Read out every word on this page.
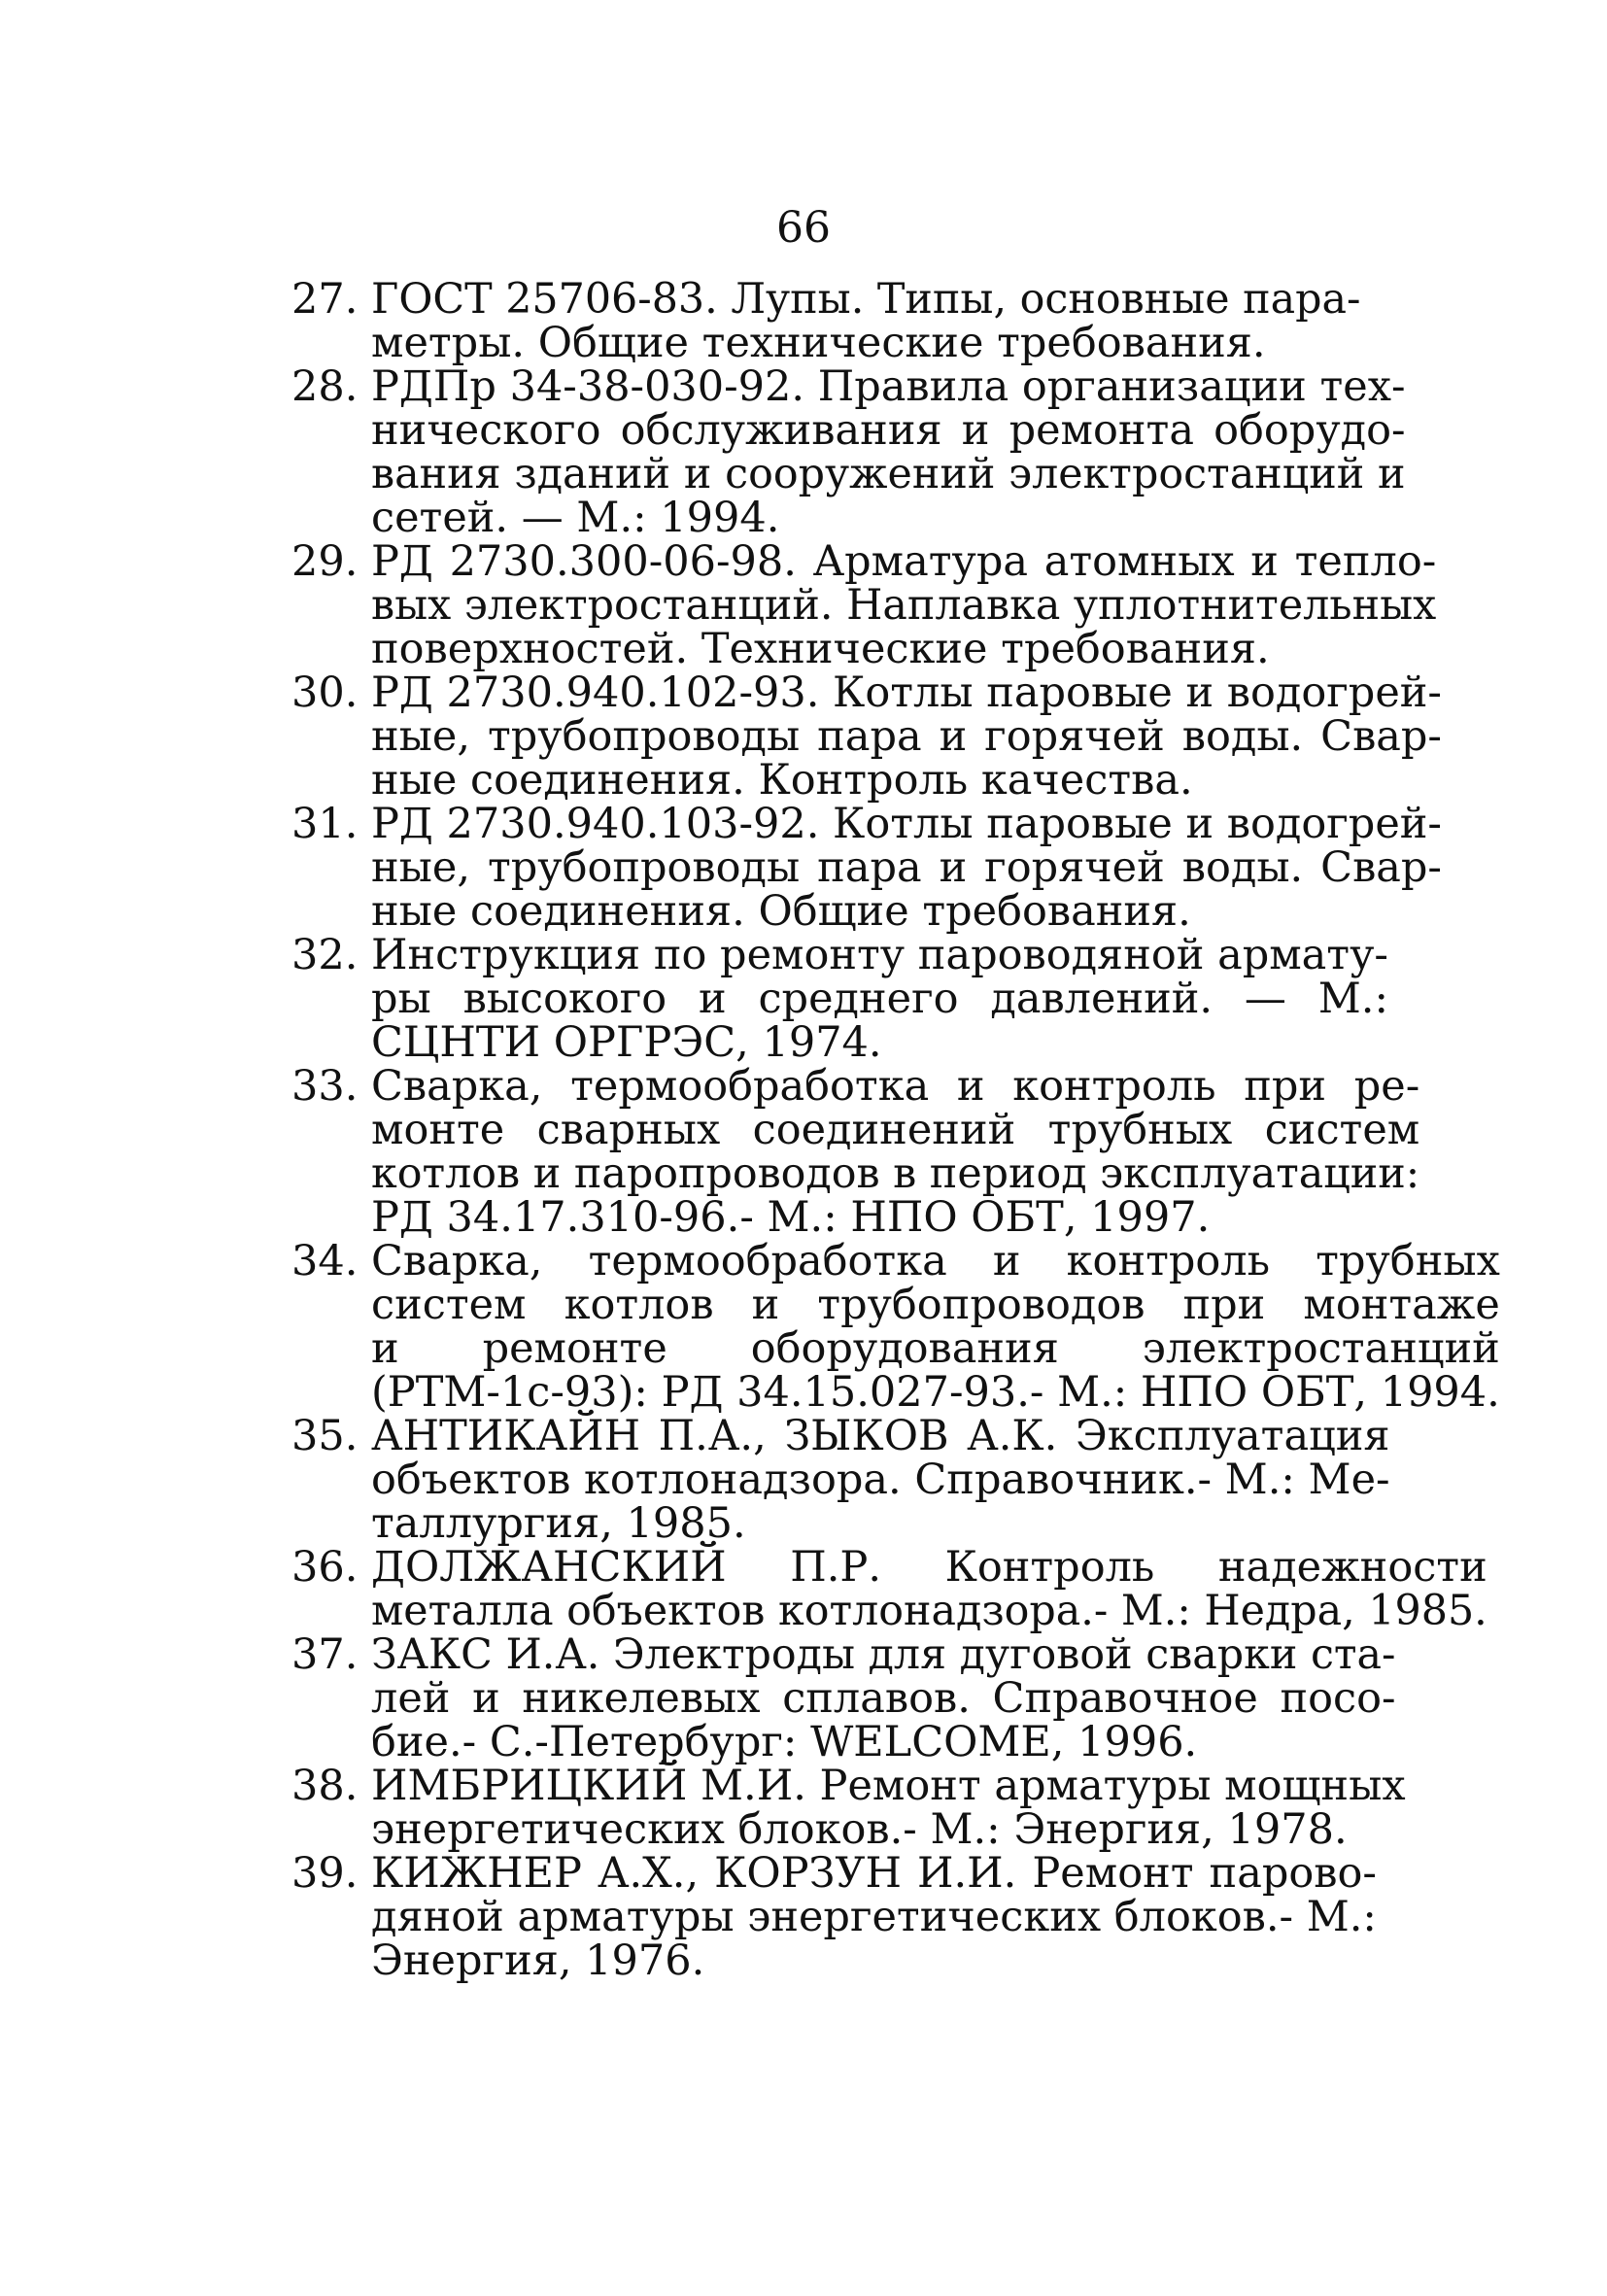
66
27. ГОСТ 25706-83. Лупы. Типы, основные пара-
метры. Общие технические требования.
28. РДПр 34-38-030-92. Правила организации тех-
нического обслуживания и ремонта оборудо-
вания зданий и сооружений электростанций и
сетей. — М.: 1994.
29. РД 2730.300-06-98. Арматура атомных и тепло-
вых электростанций. Наплавка уплотнительных
поверхностей. Технические требования.
30. РД 2730.940.102-93. Котлы паровые и водогрей-
ные, трубопроводы пара и горячей воды. Свар-
ные соединения. Контроль качества.
31. РД 2730.940.103-92. Котлы паровые и водогрей-
ные, трубопроводы пара и горячей воды. Свар-
ные соединения. Общие требования.
32. Инструкция по ремонту пароводяной армату-
ры высокого и среднего давлений. — М.:
СЦНТИ ОРГРЭС, 1974.
33. Сварка, термообработка и контроль при ре-
монте сварных соединений трубных систем
котлов и паропроводов в период эксплуатации:
РД 34.17.310-96.- М.: НПО ОБТ, 1997.
34. Сварка, термообработка и контроль трубных
систем котлов и трубопроводов при монтаже
и ремонте оборудования электростанций
(РТМ-1с-93): РД 34.15.027-93.- М.: НПО ОБТ, 1994.
35. АНТИКАЙН П.А., ЗЫКОВ А.К. Эксплуатация
объектов котлонадзора. Справочник.- М.: Ме-
таллургия, 1985.
36. ДОЛЖАНСКИЙ П.Р. Контроль надежности
металла объектов котлонадзора.- М.: Недра, 1985.
37. ЗАКС И.А. Электроды для дуговой сварки ста-
лей и никелевых сплавов. Справочное посо-
бие.- С.-Петербург: WELCOME, 1996.
38. ИМБРИЦКИЙ М.И. Ремонт арматуры мощных
энергетических блоков.- М.: Энергия, 1978.
39. КИЖНЕР А.Х., КОРЗУН И.И. Ремонт парово-
дяной арматуры энергетических блоков.- М.:
Энергия, 1976.
